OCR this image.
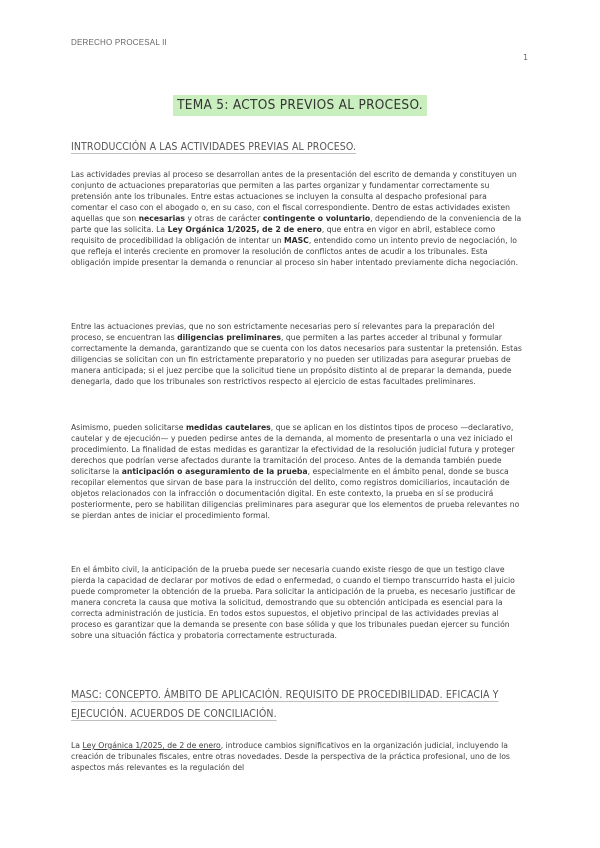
DERECHO PROCESAL II
1
TEMA 5: ACTOS PREVIOS AL PROCESO.
INTRODUCCIÓN A LAS ACTIVIDADES PREVIAS AL PROCESO.

Las actividades previas al proceso se desarrollan antes de la presentación del escrito de demanda y constituyen un conjunto de actuaciones preparatorias que permiten a las partes organizar y fundamentar correctamente su pretensión ante los tribunales. Entre estas actuaciones se incluyen la consulta al despacho profesional para comentar el caso con el abogado o, en su caso, con el fiscal correspondiente. Dentro de estas actividades existen aquellas que son necesarias y otras de carácter contingente o voluntario, dependiendo de la conveniencia de la parte que las solicita. La Ley Orgánica 1/2025, de 2 de enero, que entra en vigor en abril, establece como requisito de procedibilidad la obligación de intentar un MASC, entendido como un intento previo de negociación, lo que refleja el interés creciente en promover la resolución de conflictos antes de acudir a los tribunales. Esta obligación impide presentar la demanda o renunciar al proceso sin haber intentado previamente dicha negociación.

Entre las actuaciones previas, que no son estrictamente necesarias pero sí relevantes para la preparación del proceso, se encuentran las diligencias preliminares, que permiten a las partes acceder al tribunal y formular correctamente la demanda, garantizando que se cuenta con los datos necesarios para sustentar la pretensión. Estas diligencias se solicitan con un fin estrictamente preparatorio y no pueden ser utilizadas para asegurar pruebas de manera anticipada; si el juez percibe que la solicitud tiene un propósito distinto al de preparar la demanda, puede denegarla, dado que los tribunales son restrictivos respecto al ejercicio de estas facultades preliminares.

Asimismo, pueden solicitarse medidas cautelares, que se aplican en los distintos tipos de proceso —declarativo, cautelar y de ejecución— y pueden pedirse antes de la demanda, al momento de presentarla o una vez iniciado el procedimiento. La finalidad de estas medidas es garantizar la efectividad de la resolución judicial futura y proteger derechos que podrían verse afectados durante la tramitación del proceso. Antes de la demanda también puede solicitarse la anticipación o aseguramiento de la prueba, especialmente en el ámbito penal, donde se busca recopilar elementos que sirvan de base para la instrucción del delito, como registros domiciliarios, incautación de objetos relacionados con la infracción o documentación digital. En este contexto, la prueba en sí se producirá posteriormente, pero se habilitan diligencias preliminares para asegurar que los elementos de prueba relevantes no se pierdan antes de iniciar el procedimiento formal.

En el ámbito civil, la anticipación de la prueba puede ser necesaria cuando existe riesgo de que un testigo clave pierda la capacidad de declarar por motivos de edad o enfermedad, o cuando el tiempo transcurrido hasta el juicio puede comprometer la obtención de la prueba. Para solicitar la anticipación de la prueba, es necesario justificar de manera concreta la causa que motiva la solicitud, demostrando que su obtención anticipada es esencial para la correcta administración de justicia. En todos estos supuestos, el objetivo principal de las actividades previas al proceso es garantizar que la demanda se presente con base sólida y que los tribunales puedan ejercer su función sobre una situación fáctica y probatoria correctamente estructurada.

MASC: CONCEPTO. ÁMBITO DE APLICACIÓN. REQUISITO DE PROCEDIBILIDAD. EFICACIA Y EJECUCIÓN. ACUERDOS DE CONCILIACIÓN.

La Ley Orgánica 1/2025, de 2 de enero, introduce cambios significativos en la organización judicial, incluyendo la creación de tribunales fiscales, entre otras novedades. Desde la perspectiva de la práctica profesional, uno de los aspectos más relevantes es la regulación del
